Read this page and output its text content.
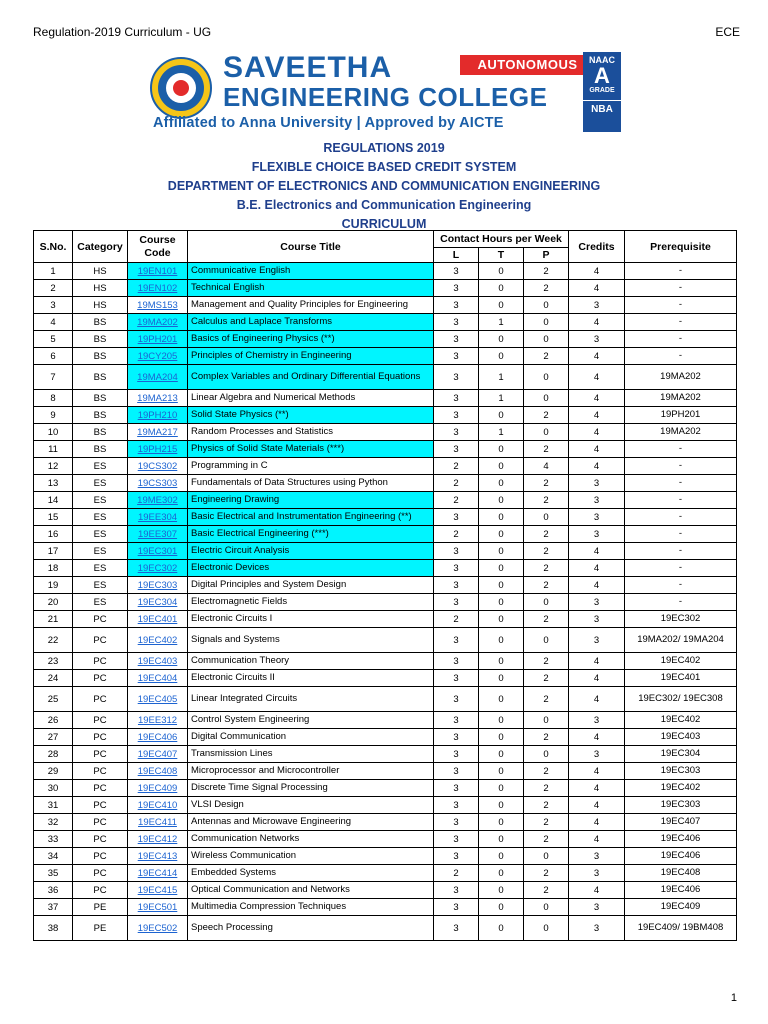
Regulation-2019 Curriculum - UG	ECE
SAVEETHA
ENGINEERING COLLEGE
AUTONOMOUS
Affiliated to Anna University | Approved by AICTE
NAAC
A
GRADE
NBA
REGULATIONS 2019
FLEXIBLE CHOICE BASED CREDIT SYSTEM
DEPARTMENT OF ELECTRONICS AND COMMUNICATION ENGINEERING
B.E. Electronics and Communication Engineering
CURRICULUM
S.No.	Category	Course Code	Course Title	Contact Hours per Week			Credits	Prerequisite
				L	T	P		
1	HS	19EN101	Communicative English	3	0	2	4	-
2	HS	19EN102	Technical English	3	0	2	4	-
3	HS	19MS153	Management and Quality Principles for Engineering	3	0	0	3	-
4	BS	19MA202	Calculus and Laplace Transforms	3	1	0	4	-
5	BS	19PH201	Basics of Engineering Physics (**)	3	0	0	3	-
6	BS	19CY205	Principles of Chemistry in Engineering	3	0	2	4	-
7	BS	19MA204	Complex Variables and Ordinary Differential Equations	3	1	0	4	19MA202
8	BS	19MA213	Linear Algebra and Numerical Methods	3	1	0	4	19MA202
9	BS	19PH210	Solid State Physics (**)	3	0	2	4	19PH201
10	BS	19MA217	Random Processes and Statistics	3	1	0	4	19MA202
11	BS	19PH215	Physics of Solid State Materials (***)	3	0	2	4	-
12	ES	19CS302	Programming in C	2	0	4	4	-
13	ES	19CS303	Fundamentals of Data Structures using Python	2	0	2	3	-
14	ES	19ME302	Engineering Drawing	2	0	2	3	-
15	ES	19EE304	Basic Electrical and Instrumentation Engineering (**)	3	0	0	3	-
16	ES	19EE307	Basic Electrical Engineering (***)	2	0	2	3	-
17	ES	19EC301	Electric Circuit Analysis	3	0	2	4	-
18	ES	19EC302	Electronic Devices	3	0	2	4	-
19	ES	19EC303	Digital Principles and System Design	3	0	2	4	-
20	ES	19EC304	Electromagnetic Fields	3	0	0	3	-
21	PC	19EC401	Electronic Circuits I	2	0	2	3	19EC302
22	PC	19EC402	Signals and Systems	3	0	0	3	19MA202/ 19MA204
23	PC	19EC403	Communication Theory	3	0	2	4	19EC402
24	PC	19EC404	Electronic Circuits II	3	0	2	4	19EC401
25	PC	19EC405	Linear Integrated Circuits	3	0	2	4	19EC302/ 19EC308
26	PC	19EE312	Control System Engineering	3	0	0	3	19EC402
27	PC	19EC406	Digital Communication	3	0	2	4	19EC403
28	PC	19EC407	Transmission Lines	3	0	0	3	19EC304
29	PC	19EC408	Microprocessor and Microcontroller	3	0	2	4	19EC303
30	PC	19EC409	Discrete Time Signal Processing	3	0	2	4	19EC402
31	PC	19EC410	VLSI Design	3	0	2	4	19EC303
32	PC	19EC411	Antennas and Microwave Engineering	3	0	2	4	19EC407
33	PC	19EC412	Communication Networks	3	0	2	4	19EC406
34	PC	19EC413	Wireless Communication	3	0	0	3	19EC406
35	PC	19EC414	Embedded Systems	2	0	2	3	19EC408
36	PC	19EC415	Optical Communication and Networks	3	0	2	4	19EC406
37	PE	19EC501	Multimedia Compression Techniques	3	0	0	3	19EC409
38	PE	19EC502	Speech Processing	3	0	0	3	19EC409/ 19BM408
1
